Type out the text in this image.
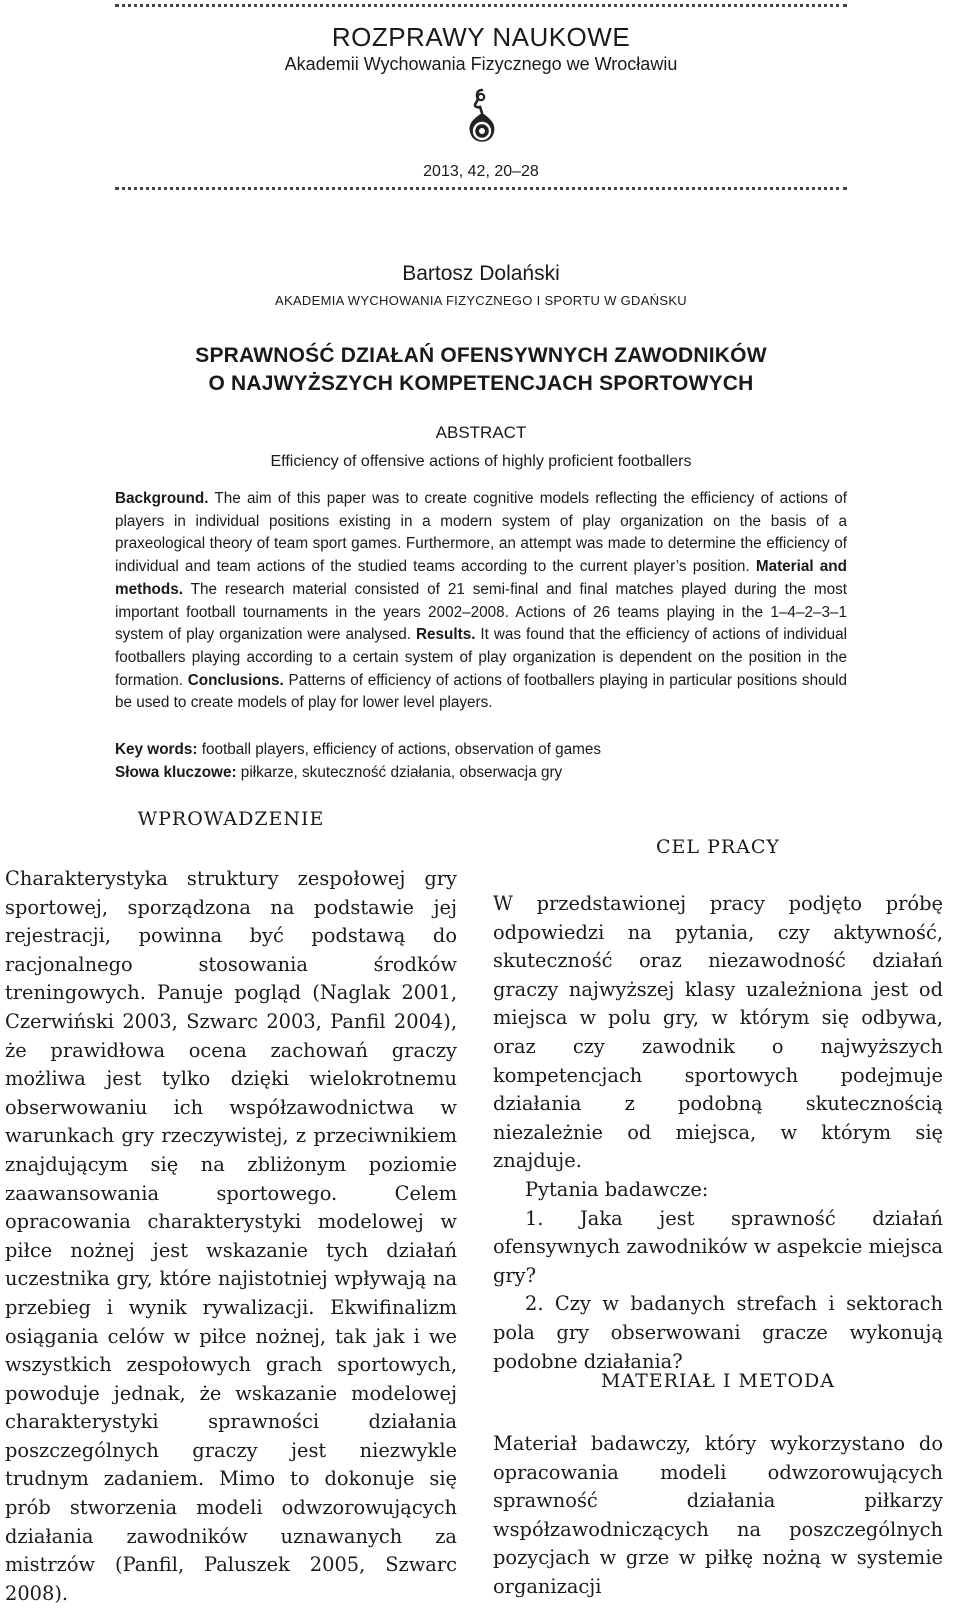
ROZPRAWY NAUKOWE
Akademii Wychowania Fizycznego we Wrocławiu
2013, 42, 20–28
Bartosz Dolański
AKADEMIA WYCHOWANIA FIZYCZNEGO I SPORTU W GDAŃSKU
SPRAWNOŚĆ DZIAŁAŃ OFENSYWNYCH ZAWODNIKÓW
O NAJWYŻSZYCH KOMPETENCJACH SPORTOWYCH
ABSTRACT
Efficiency of offensive actions of highly proficient footballers
Background. The aim of this paper was to create cognitive models reflecting the efficiency of actions of players in individual positions existing in a modern system of play organization on the basis of a praxeological theory of team sport games. Furthermore, an attempt was made to determine the efficiency of individual and team actions of the studied teams according to the current player’s position. Material and methods. The research material consisted of 21 semi-final and final matches played during the most important football tournaments in the years 2002–2008. Actions of 26 teams playing in the 1–4–2–3–1 system of play organization were analysed. Results. It was found that the efficiency of actions of individual footballers playing according to a certain system of play organization is dependent on the position in the formation. Conclusions. Patterns of efficiency of actions of footballers playing in particular positions should be used to create models of play for lower level players.
Key words: football players, efficiency of actions, observation of games
Słowa kluczowe: piłkarze, skuteczność działania, obserwacja gry
WPROWADZENIE
Charakterystyka struktury zespołowej gry sportowej, sporządzona na podstawie jej rejestracji, powinna być podstawą do racjonalnego stosowania środków treningowych. Panuje pogląd (Naglak 2001, Czerwiński 2003, Szwarc 2003, Panfil 2004), że prawidłowa ocena zachowań graczy możliwa jest tylko dzięki wielokrotnemu obserwowaniu ich współzawodnictwa w warunkach gry rzeczywistej, z przeciwnikiem znajdującym się na zbliżonym poziomie zaawansowania sportowego. Celem opracowania charakterystyki modelowej w piłce nożnej jest wskazanie tych działań uczestnika gry, które najistotniej wpływają na przebieg i wynik rywalizacji. Ekwifinalizm osiągania celów w piłce nożnej, tak jak i we wszystkich zespołowych grach sportowych, powoduje jednak, że wskazanie modelowej charakterystyki sprawności działania poszczególnych graczy jest niezwykle trudnym zadaniem. Mimo to dokonuje się prób stworzenia modeli odwzorowujących działania zawodników uznawanych za mistrzów (Panfil, Paluszek 2005, Szwarc 2008).
CEL PRACY

W przedstawionej pracy podjęto próbę odpowiedzi na pytania, czy aktywność, skuteczność oraz niezawodność działań graczy najwyższej klasy uzależniona jest od miejsca w polu gry, w którym się odbywa, oraz czy zawodnik o najwyższych kompetencjach sportowych podejmuje działania z podobną skutecznością niezależnie od miejsca, w którym się znajduje.

Pytania badawcze:

1. Jaka jest sprawność działań ofensywnych zawodników w aspekcie miejsca gry?

2. Czy w badanych strefach i sektorach pola gry obserwowani gracze wykonują podobne działania?

MATERIAŁ I METODA
Materiał badawczy, który wykorzystano do opracowania modeli odwzorowujących sprawność działania piłkarzy współzawodniczących na poszczególnych pozycjach w grze w piłkę nożną w systemie organizacji
